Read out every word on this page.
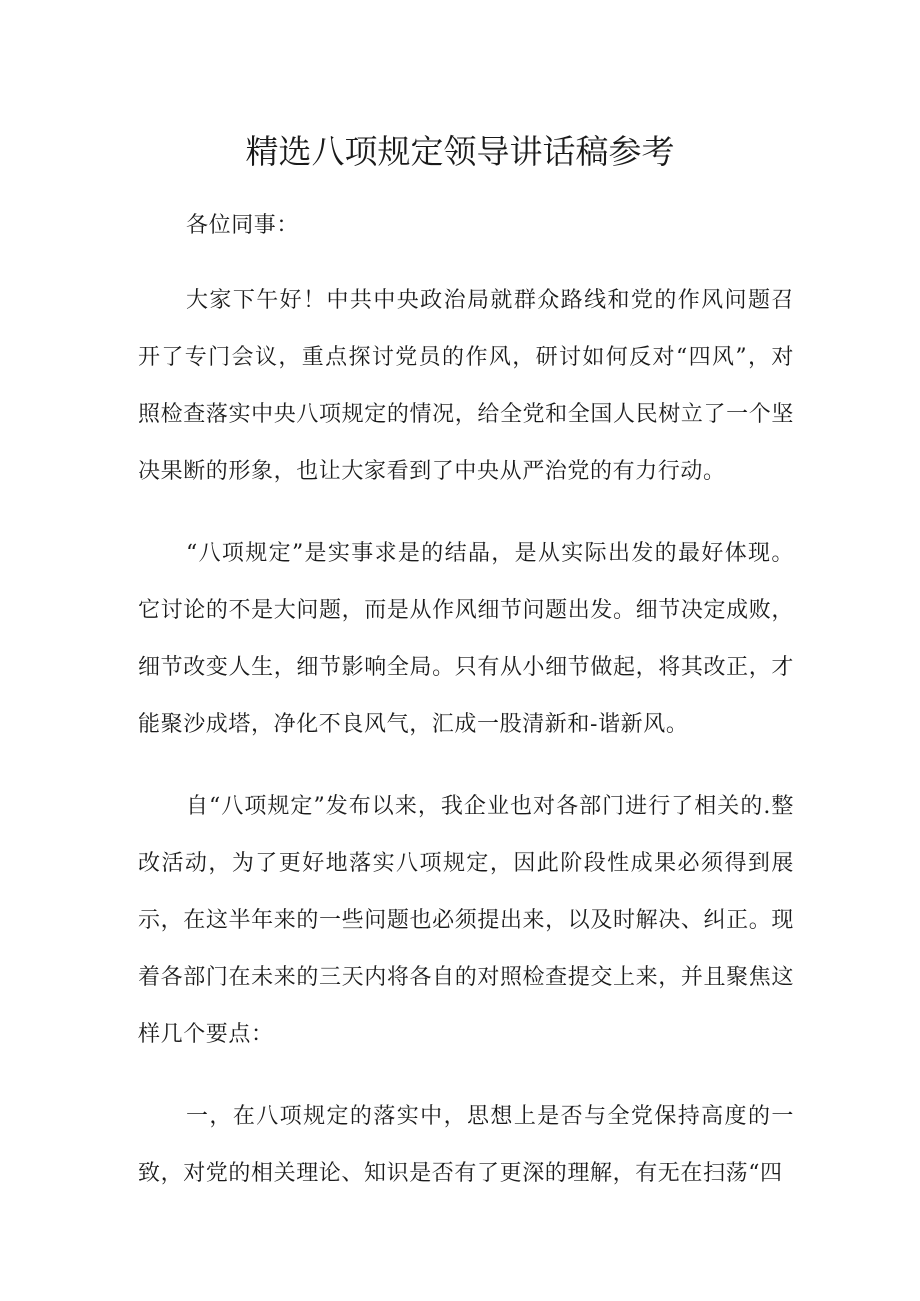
精选八项规定领导讲话稿参考

各位同事：

大家下午好！中共中央政治局就群众路线和党的作风问题召开了专门会议，重点探讨党员的作风，研讨如何反对“四风”，对照检查落实中央八项规定的情况，给全党和全国人民树立了一个坚决果断的形象，也让大家看到了中央从严治党的有力行动。

“八项规定”是实事求是的结晶，是从实际出发的最好体现。它讨论的不是大问题，而是从作风细节问题出发。细节决定成败，细节改变人生，细节影响全局。只有从小细节做起，将其改正，才能聚沙成塔，净化不良风气，汇成一股清新和-谐新风。

自“八项规定”发布以来，我企业也对各部门进行了相关的.整改活动，为了更好地落实八项规定，因此阶段性成果必须得到展示，在这半年来的一些问题也必须提出来，以及时解决、纠正。现着各部门在未来的三天内将各自的对照检查提交上来，并且聚焦这样几个要点：

一，在八项规定的落实中，思想上是否与全党保持高度的一致，对党的相关理论、知识是否有了更深的理解，有无在扫荡“四
